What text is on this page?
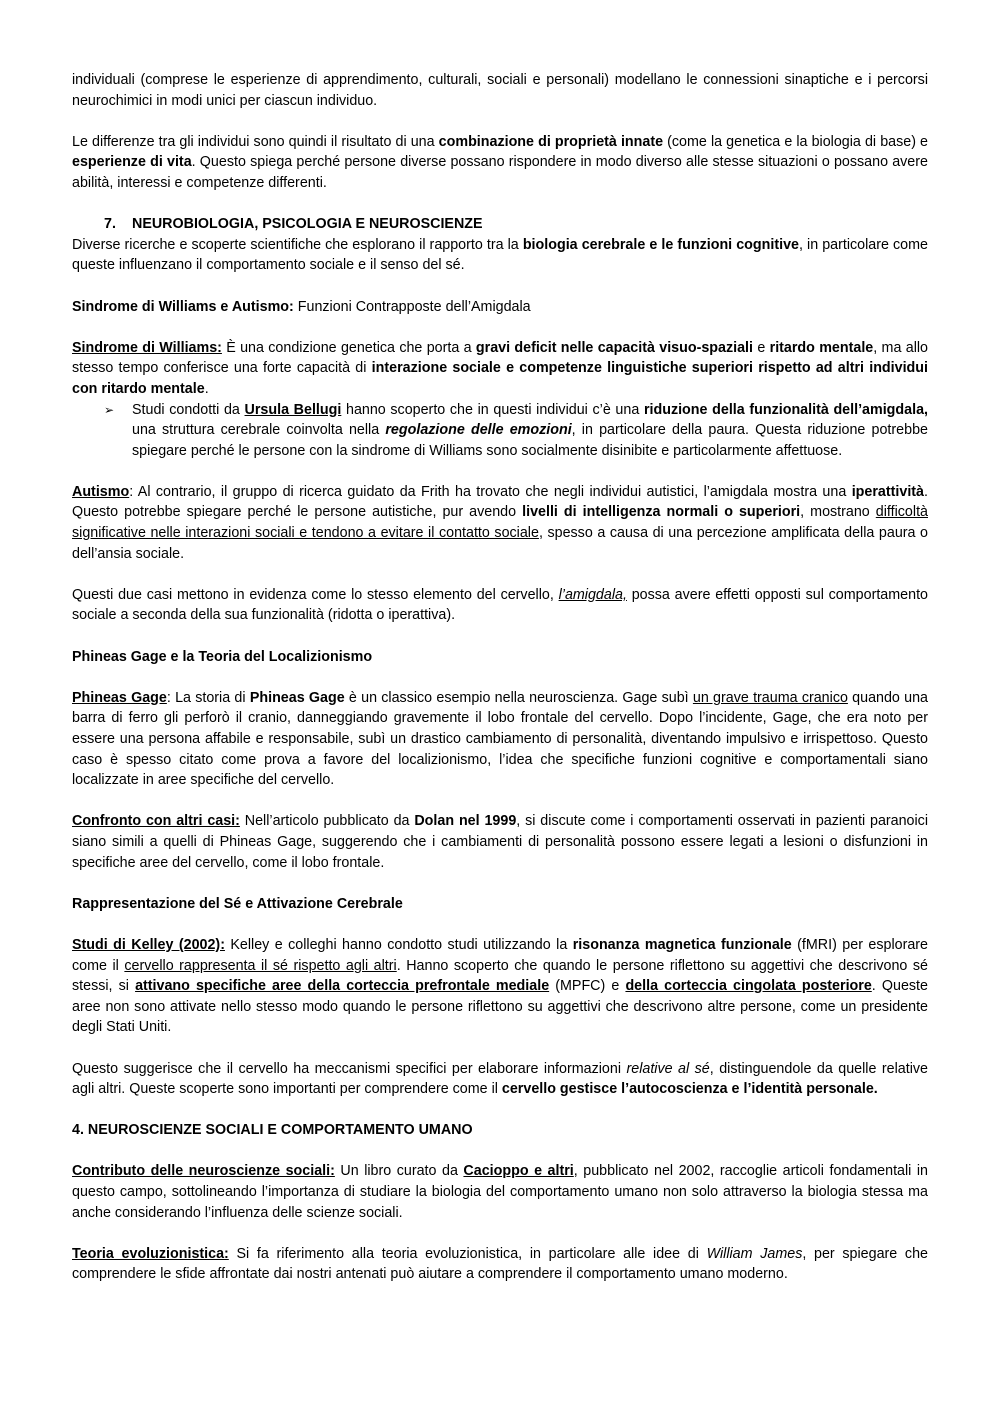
individuali (comprese le esperienze di apprendimento, culturali, sociali e personali) modellano le connessioni sinaptiche e i percorsi neurochimici in modi unici per ciascun individuo.

Le differenze tra gli individui sono quindi il risultato di una combinazione di proprietà innate (come la genetica e la biologia di base) e esperienze di vita. Questo spiega perché persone diverse possano rispondere in modo diverso alle stesse situazioni o possano avere abilità, interessi e competenze differenti.

7. NEUROBIOLOGIA, PSICOLOGIA E NEUROSCIENZE

Diverse ricerche e scoperte scientifiche che esplorano il rapporto tra la biologia cerebrale e le funzioni cognitive, in particolare come queste influenzano il comportamento sociale e il senso del sé.

Sindrome di Williams e Autismo: Funzioni Contrapposte dell’Amigdala

Sindrome di Williams: È una condizione genetica che porta a gravi deficit nelle capacità visuo-spaziali e ritardo mentale, ma allo stesso tempo conferisce una forte capacità di interazione sociale e competenze linguistiche superiori rispetto ad altri individui con ritardo mentale.

➢ Studi condotti da Ursula Bellugi hanno scoperto che in questi individui c’è una riduzione della funzionalità dell’amigdala, una struttura cerebrale coinvolta nella regolazione delle emozioni, in particolare della paura. Questa riduzione potrebbe spiegare perché le persone con la sindrome di Williams sono socialmente disinibite e particolarmente affettuose.

Autismo: Al contrario, il gruppo di ricerca guidato da Frith ha trovato che negli individui autistici, l’amigdala mostra una iperattività. Questo potrebbe spiegare perché le persone autistiche, pur avendo livelli di intelligenza normali o superiori, mostrano difficoltà significative nelle interazioni sociali e tendono a evitare il contatto sociale, spesso a causa di una percezione amplificata della paura o dell’ansia sociale.

Questi due casi mettono in evidenza come lo stesso elemento del cervello, l’amigdala, possa avere effetti opposti sul comportamento sociale a seconda della sua funzionalità (ridotta o iperattiva).

Phineas Gage e la Teoria del Localizionismo

Phineas Gage: La storia di Phineas Gage è un classico esempio nella neuroscienza. Gage subì un grave trauma cranico quando una barra di ferro gli perforò il cranio, danneggiando gravemente il lobo frontale del cervello. Dopo l’incidente, Gage, che era noto per essere una persona affabile e responsabile, subì un drastico cambiamento di personalità, diventando impulsivo e irrispettoso. Questo caso è spesso citato come prova a favore del localizionismo, l’idea che specifiche funzioni cognitive e comportamentali siano localizzate in aree specifiche del cervello.

Confronto con altri casi: Nell’articolo pubblicato da Dolan nel 1999, si discute come i comportamenti osservati in pazienti paranoici siano simili a quelli di Phineas Gage, suggerendo che i cambiamenti di personalità possono essere legati a lesioni o disfunzioni in specifiche aree del cervello, come il lobo frontale.

Rappresentazione del Sé e Attivazione Cerebrale

Studi di Kelley (2002): Kelley e colleghi hanno condotto studi utilizzando la risonanza magnetica funzionale (fMRI) per esplorare come il cervello rappresenta il sé rispetto agli altri. Hanno scoperto che quando le persone riflettono su aggettivi che descrivono sé stessi, si attivano specifiche aree della corteccia prefrontale mediale (MPFC) e della corteccia cingolata posteriore. Queste aree non sono attivate nello stesso modo quando le persone riflettono su aggettivi che descrivono altre persone, come un presidente degli Stati Uniti.

Questo suggerisce che il cervello ha meccanismi specifici per elaborare informazioni relative al sé, distinguendole da quelle relative agli altri. Queste scoperte sono importanti per comprendere come il cervello gestisce l’autocoscienza e l’identità personale.

4. NEUROSCIENZE SOCIALI E COMPORTAMENTO UMANO

Contributo delle neuroscienze sociali: Un libro curato da Cacioppo e altri, pubblicato nel 2002, raccoglie articoli fondamentali in questo campo, sottolineando l’importanza di studiare la biologia del comportamento umano non solo attraverso la biologia stessa ma anche considerando l’influenza delle scienze sociali.

Teoria evoluzionistica: Si fa riferimento alla teoria evoluzionistica, in particolare alle idee di William James, per spiegare che comprendere le sfide affrontate dai nostri antenati può aiutare a comprendere il comportamento umano moderno.
